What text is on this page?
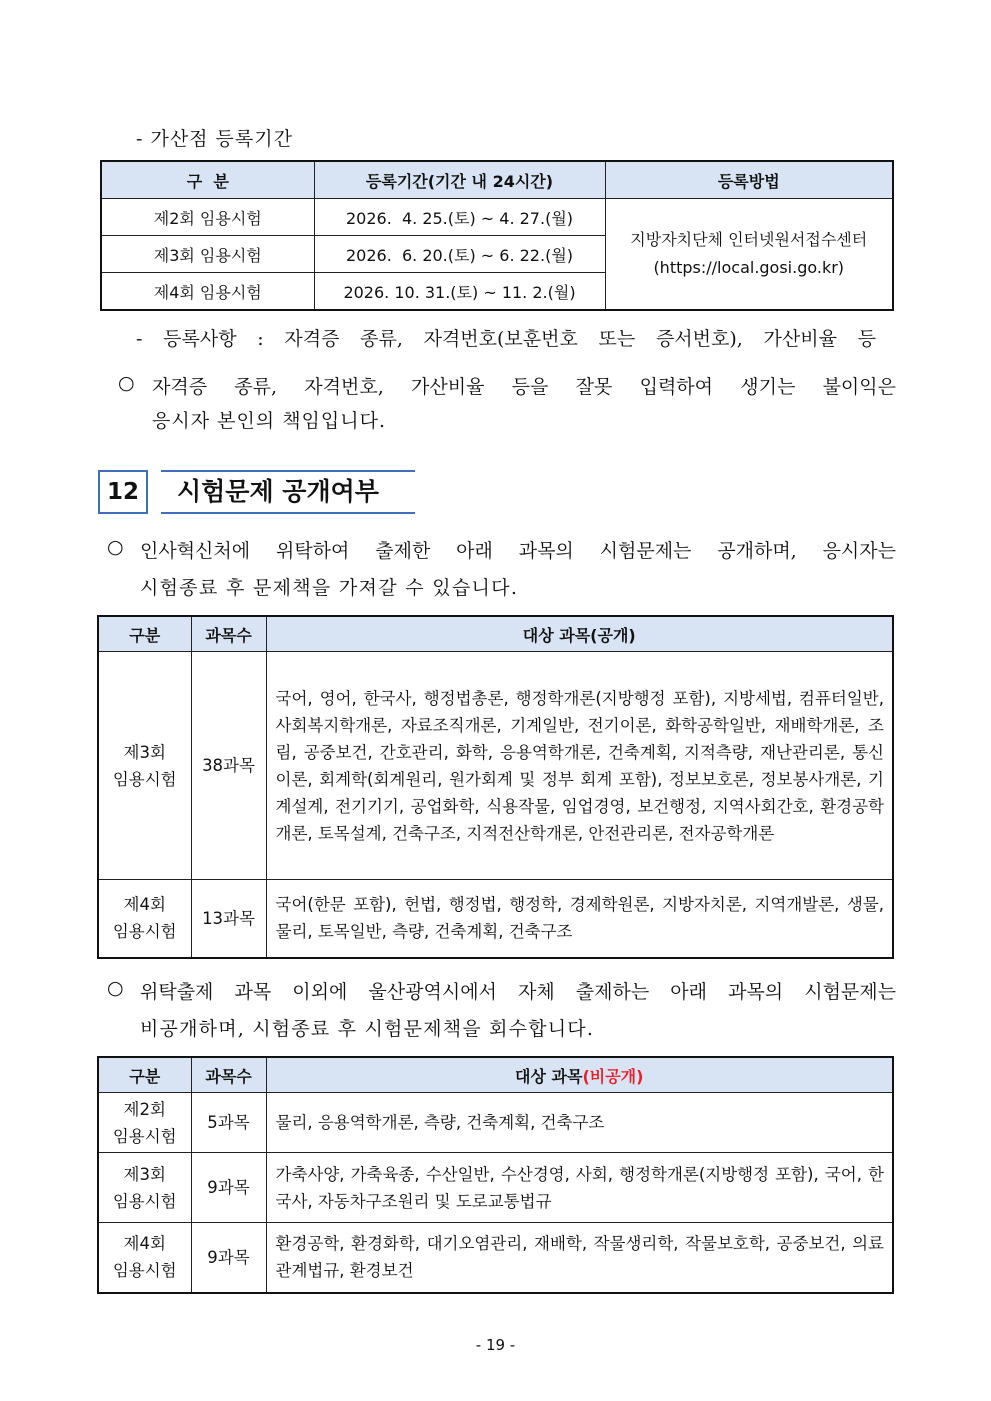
- 가산점 등록기간
구  분	등록기간(기간 내 24시간)	등록방법
제2회 임용시험	2026.  4. 25.(토) ~ 4. 27.(월)	지방자치단체 인터넷원서접수센터
(https://local.gosi.go.kr)

제3회 임용시험	2026.  6. 20.(토) ~ 6. 22.(월)	
제4회 임용시험	2026. 10. 31.(토) ~ 11. 2.(월)	
- 등록사항 : 자격증 종류, 자격번호(보훈번호 또는 증서번호), 가산비율 등
○ 자격증 종류, 자격번호, 가산비율 등을 잘못 입력하여 생기는 불이익은
응시자 본인의 책임입니다.
12	시험문제 공개여부
○ 인사혁신처에 위탁하여 출제한 아래 과목의 시험문제는 공개하며, 응시자는
시험종료 후 문제책을 가져갈 수 있습니다.
구분	과목수	대상 과목(공개)

제3회
임용시험	38과목	국어, 영어, 한국사, 행정법총론, 행정학개론(지방행정 포함), 지방세법, 컴퓨터일반, 사회복지학개론, 자료조직개론, 기계일반, 전기이론, 화학공학일반, 재배학개론, 조림, 공중보건, 간호관리, 화학, 응용역학개론, 건축계획, 지적측량, 재난관리론, 통신이론, 회계학(회계원리, 원가회계 및 정부 회계 포함), 정보보호론, 정보봉사개론, 기계설계, 전기기기, 공업화학, 식용작물, 임업경영, 보건행정, 지역사회간호, 환경공학개론, 토목설계, 건축구조, 지적전산학개론, 안전관리론, 전자공학개론

제4회
임용시험	13과목	국어(한문 포함), 헌법, 행정법, 행정학, 경제학원론, 지방자치론, 지역개발론, 생물, 물리, 토목일반, 측량, 건축계획, 건축구조
○ 위탁출제 과목 이외에 울산광역시에서 자체 출제하는 아래 과목의 시험문제는
비공개하며, 시험종료 후 시험문제책을 회수합니다.
구분	과목수	대상 과목(비공개)

제2회
임용시험	5과목	물리, 응용역학개론, 측량, 건축계획, 건축구조

제3회
임용시험	9과목	가축사양, 가축육종, 수산일반, 수산경영, 사회, 행정학개론(지방행정 포함), 국어, 한국사, 자동차구조원리 및 도로교통법규

제4회
임용시험	9과목	환경공학, 환경화학, 대기오염관리, 재배학, 작물생리학, 작물보호학, 공중보건, 의료관계법규, 환경보건
- 19 -
